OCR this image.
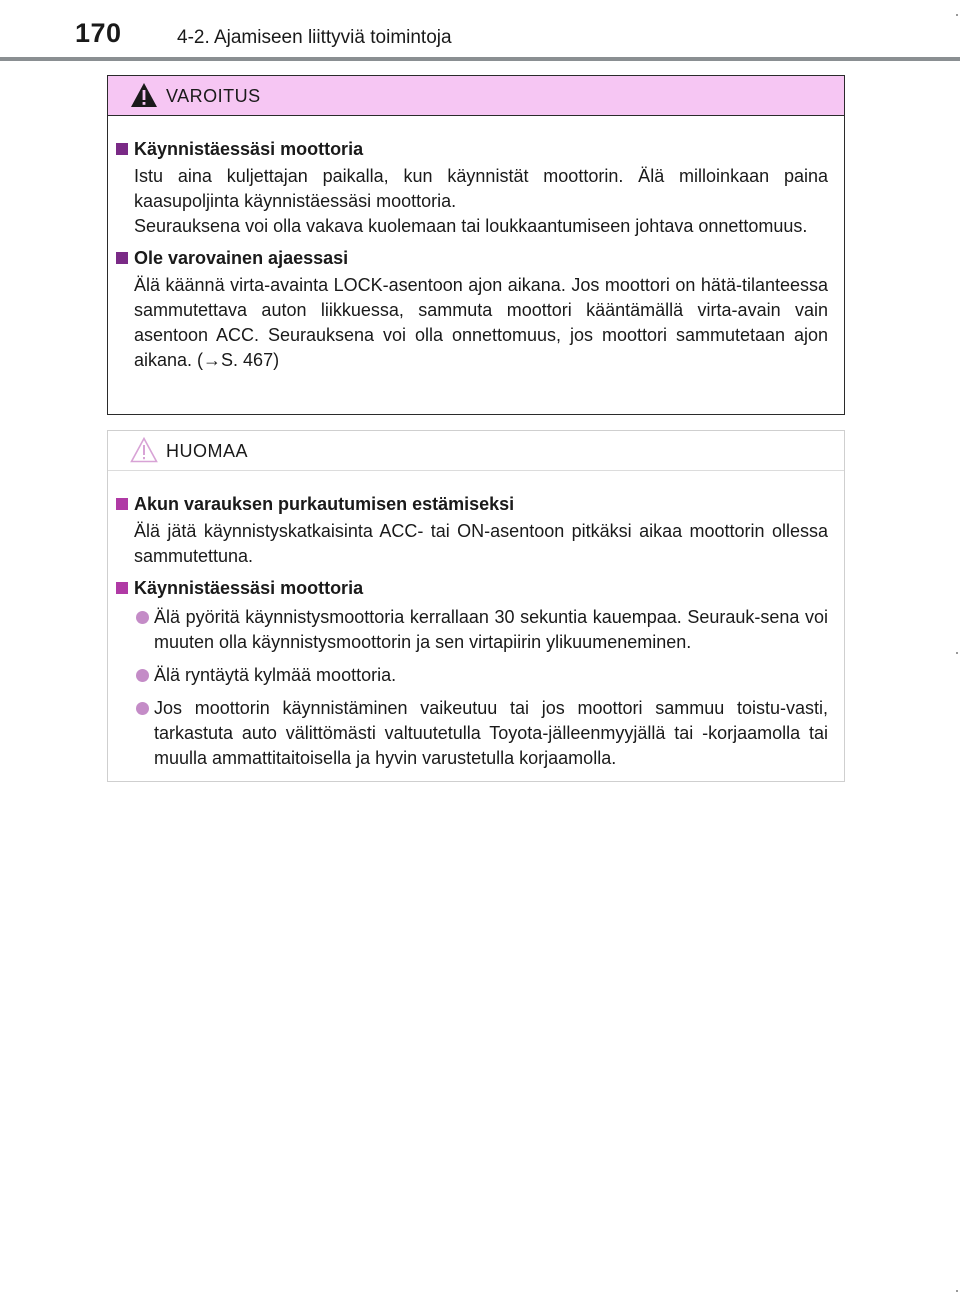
170	4-2. Ajamiseen liittyviä toimintoja
VAROITUS
Käynnistäessäsi moottoria
Istu aina kuljettajan paikalla, kun käynnistät moottorin. Älä milloinkaan paina kaasupoljinta käynnistäessäsi moottoria.
Seurauksena voi olla vakava kuolemaan tai loukkaantumiseen johtava onnettomuus.
Ole varovainen ajaessasi
Älä käännä virta-avainta LOCK-asentoon ajon aikana. Jos moottori on hätä-tilanteessa sammutettava auton liikkuessa, sammuta moottori kääntämällä virta-avain vain asentoon ACC. Seurauksena voi olla onnettomuus, jos moottori sammutetaan ajon aikana. (→S. 467)
HUOMAA
Akun varauksen purkautumisen estämiseksi
Älä jätä käynnistyskatkaisinta ACC- tai ON-asentoon pitkäksi aikaa moottorin ollessa sammutettuna.
Käynnistäessäsi moottoria
Älä pyöritä käynnistysmoottoria kerrallaan 30 sekuntia kauempaa. Seurauk-sena voi muuten olla käynnistysmoottorin ja sen virtapiirin ylikuumeneminen.
Älä ryntäytä kylmää moottoria.
Jos moottorin käynnistäminen vaikeutuu tai jos moottori sammuu toistu-vasti, tarkastuta auto välittömästi valtuutetulla Toyota-jälleenmyyjällä tai -korjaamolla tai muulla ammattitaitoisella ja hyvin varustetulla korjaamolla.
